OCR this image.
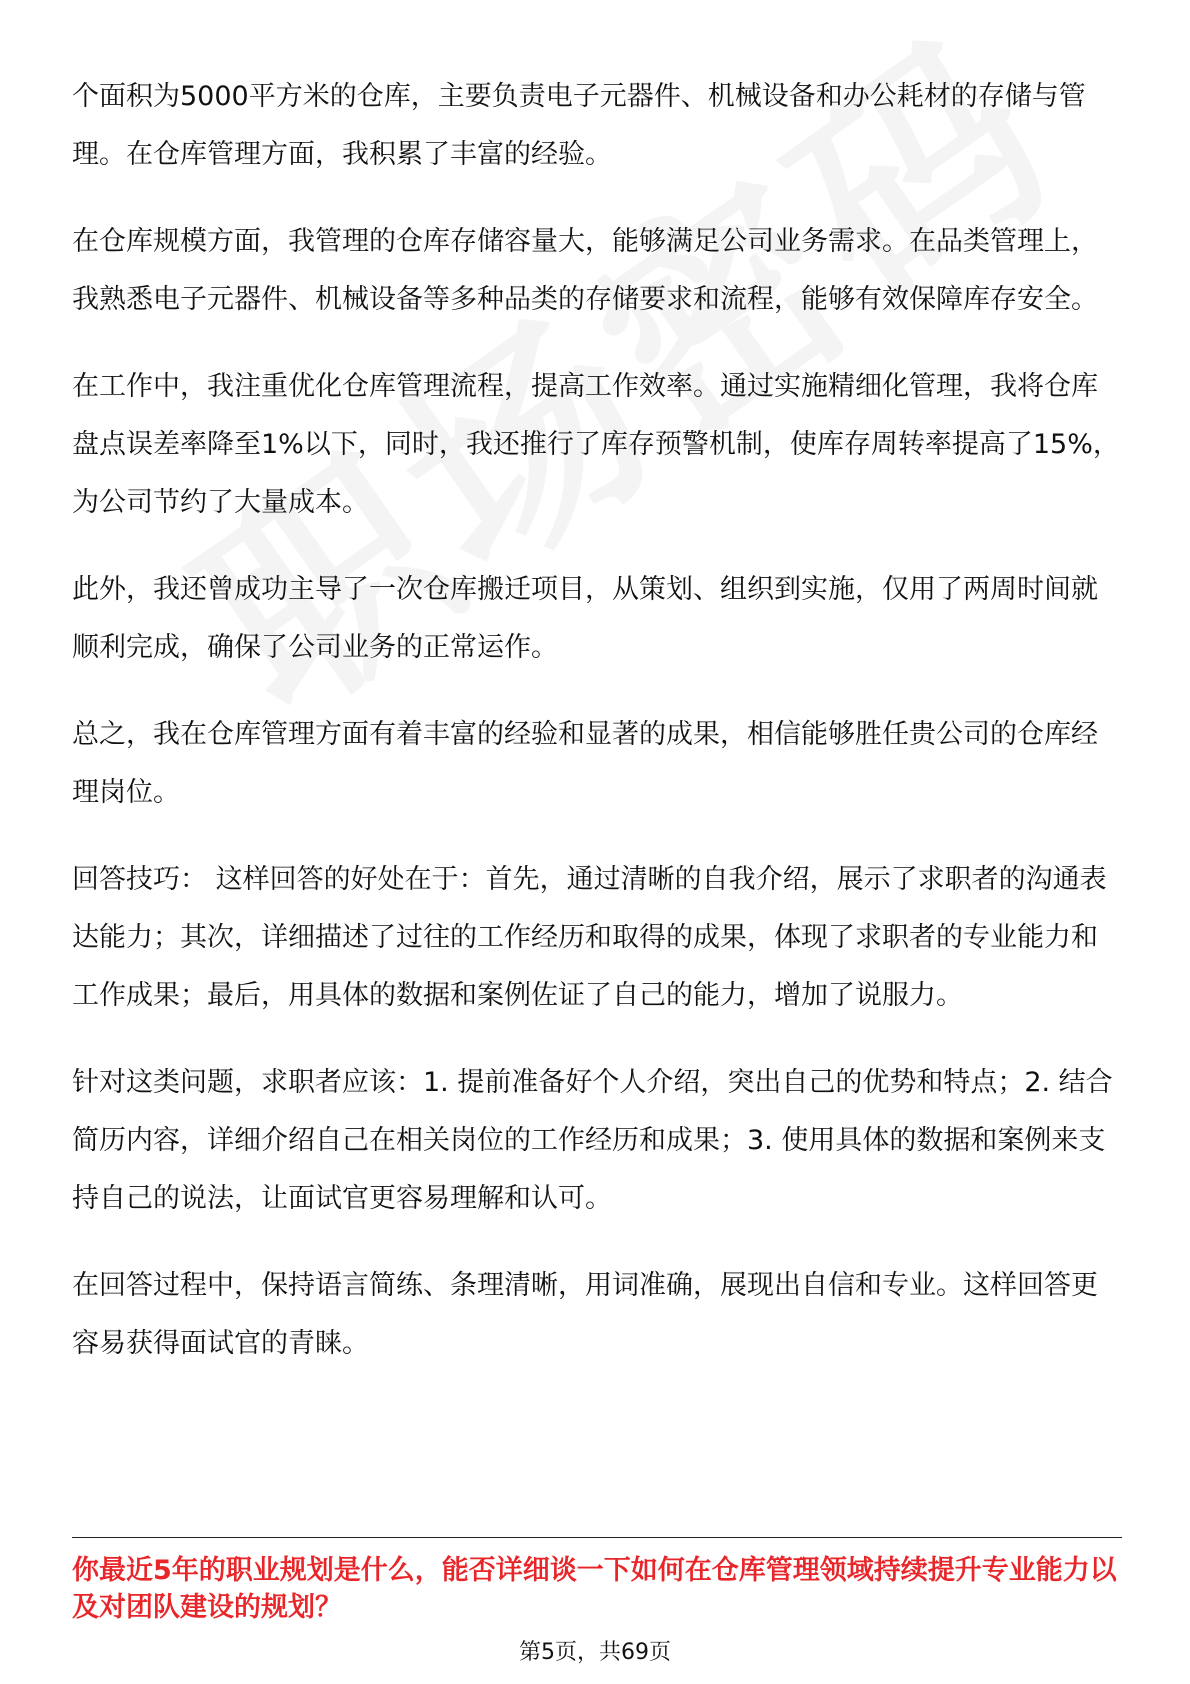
个面积为5000平方米的仓库，主要负责电子元器件、机械设备和办公耗材的存储与管理。在仓库管理方面，我积累了丰富的经验。

在仓库规模方面，我管理的仓库存储容量大，能够满足公司业务需求。在品类管理上，我熟悉电子元器件、机械设备等多种品类的存储要求和流程，能够有效保障库存安全。

在工作中，我注重优化仓库管理流程，提高工作效率。通过实施精细化管理，我将仓库盘点误差率降至1%以下，同时，我还推行了库存预警机制，使库存周转率提高了15%，为公司节约了大量成本。

此外，我还曾成功主导了一次仓库搬迁项目，从策划、组织到实施，仅用了两周时间就顺利完成，确保了公司业务的正常运作。

总之，我在仓库管理方面有着丰富的经验和显著的成果，相信能够胜任贵公司的仓库经理岗位。

回答技巧： 这样回答的好处在于：首先，通过清晰的自我介绍，展示了求职者的沟通表达能力；其次，详细描述了过往的工作经历和取得的成果，体现了求职者的专业能力和工作成果；最后，用具体的数据和案例佐证了自己的能力，增加了说服力。

针对这类问题，求职者应该：1. 提前准备好个人介绍，突出自己的优势和特点；2. 结合简历内容，详细介绍自己在相关岗位的工作经历和成果；3. 使用具体的数据和案例来支持自己的说法，让面试官更容易理解和认可。

在回答过程中，保持语言简练、条理清晰，用词准确，展现出自信和专业。这样回答更容易获得面试官的青睐。

你最近5年的职业规划是什么，能否详细谈一下如何在仓库管理领域持续提升专业能力以及对团队建设的规划？
第5页，共69页
